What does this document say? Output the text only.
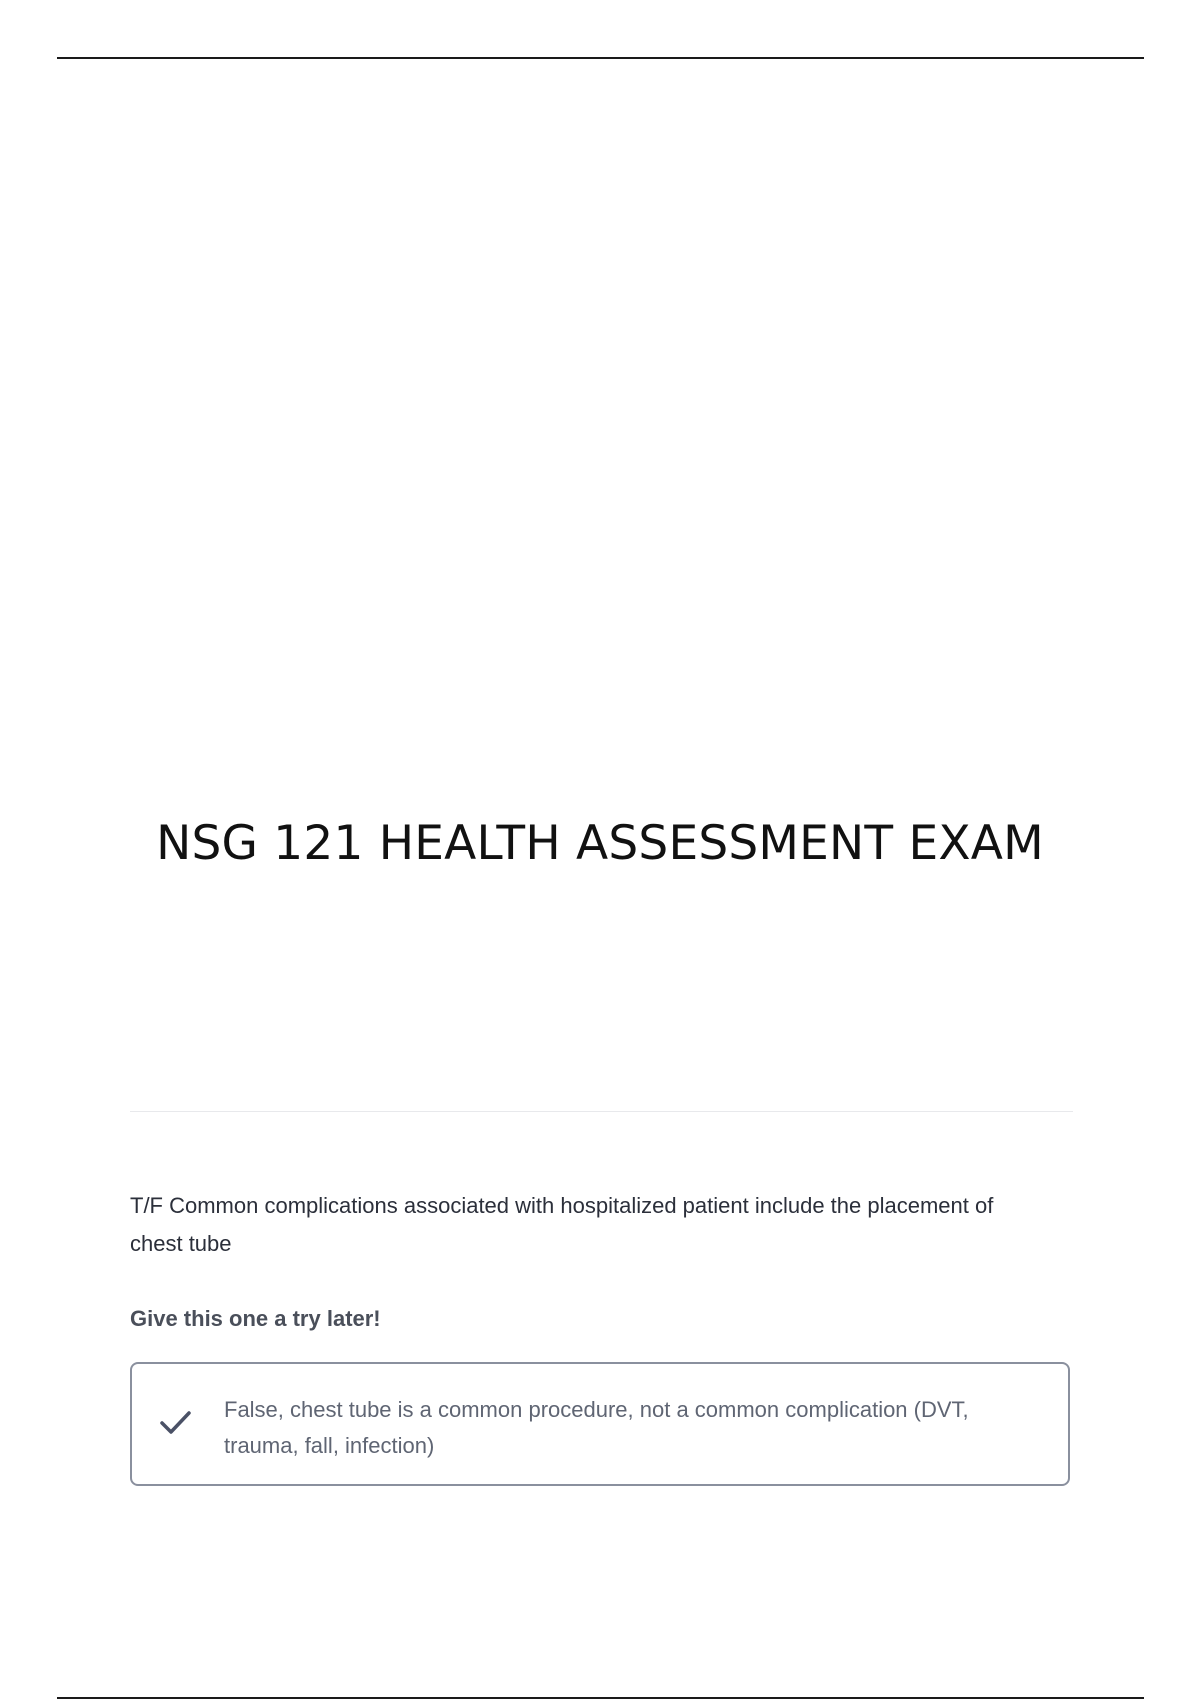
NSG 121 HEALTH ASSESSMENT EXAM

T/F Common complications associated with hospitalized patient include the placement of chest tube

Give this one a try later!

False, chest tube is a common procedure, not a common complication (DVT, trauma, fall, infection)
